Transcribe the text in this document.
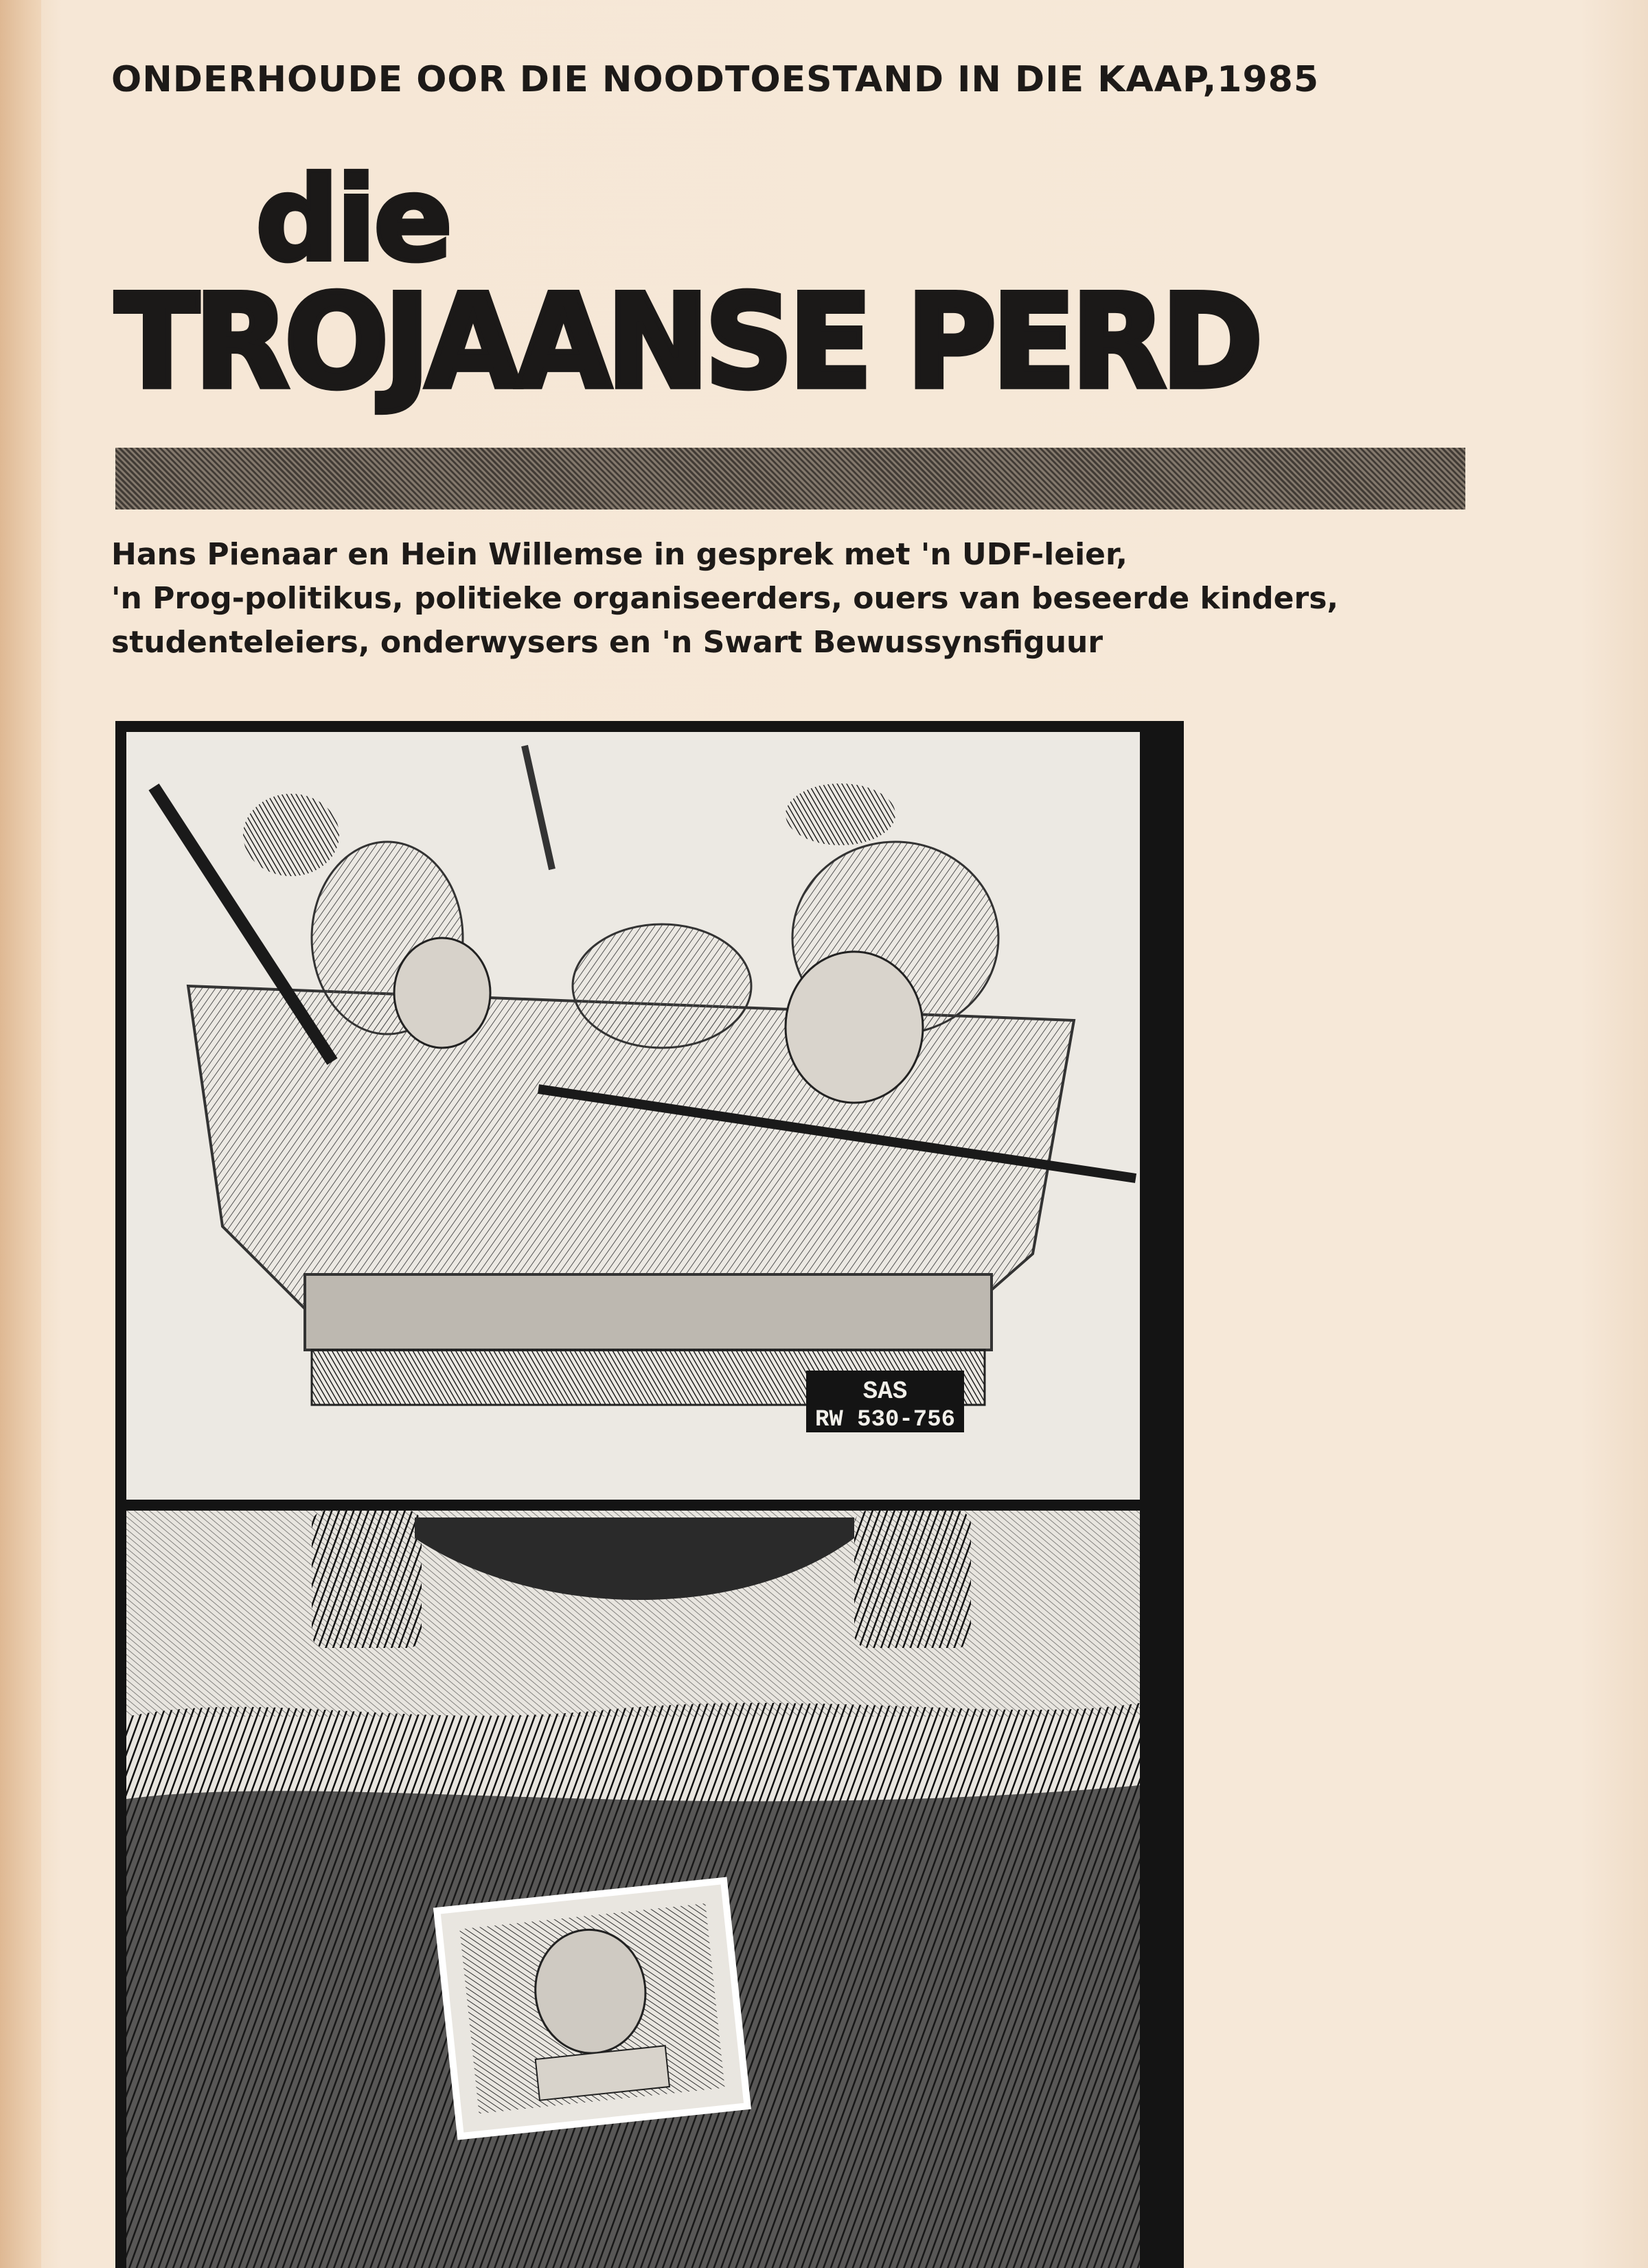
ONDERHOUDE OOR DIE NOODTOESTAND IN DIE KAAP,1985
die
TROJAANSE PERD
Hans Pienaar en Hein Willemse in gesprek met 'n UDF-leier,
'n Prog-politikus, politieke organiseerders, ouers van beseerde kinders,
studenteleiers, onderwysers en 'n Swart Bewussynsfiguur
SAS
RW 530-756
